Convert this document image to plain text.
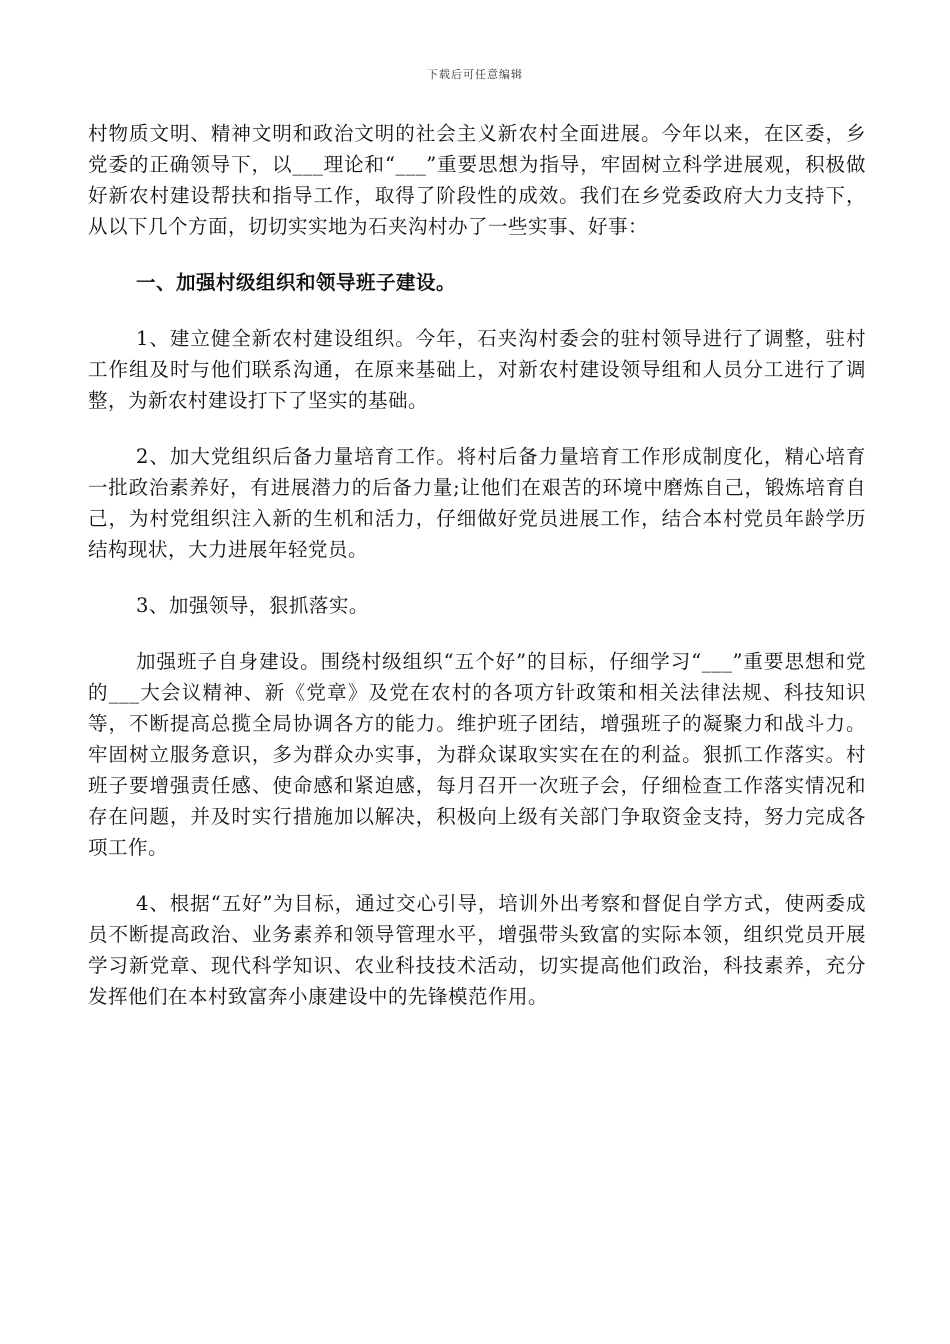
下载后可任意编辑

村物质文明、精神文明和政治文明的社会主义新农村全面进展。今年以来，在区委，乡党委的正确领导下，以___理论和“___”重要思想为指导，牢固树立科学进展观，积极做好新农村建设帮扶和指导工作，取得了阶段性的成效。我们在乡党委政府大力支持下，从以下几个方面，切切实实地为石夹沟村办了一些实事、好事：

一、加强村级组织和领导班子建设。

1、建立健全新农村建设组织。今年，石夹沟村委会的驻村领导进行了调整，驻村工作组及时与他们联系沟通，在原来基础上，对新农村建设领导组和人员分工进行了调整，为新农村建设打下了坚实的基础。

2、加大党组织后备力量培育工作。将村后备力量培育工作形成制度化，精心培育一批政治素养好，有进展潜力的后备力量;让他们在艰苦的环境中磨炼自己，锻炼培育自己，为村党组织注入新的生机和活力，仔细做好党员进展工作，结合本村党员年龄学历结构现状，大力进展年轻党员。

3、加强领导，狠抓落实。

加强班子自身建设。围绕村级组织“五个好”的目标，仔细学习“___”重要思想和党的___大会议精神、新《党章》及党在农村的各项方针政策和相关法律法规、科技知识等，不断提高总揽全局协调各方的能力。维护班子团结，增强班子的凝聚力和战斗力。牢固树立服务意识，多为群众办实事，为群众谋取实实在在的利益。狠抓工作落实。村班子要增强责任感、使命感和紧迫感，每月召开一次班子会，仔细检查工作落实情况和存在问题，并及时实行措施加以解决，积极向上级有关部门争取资金支持，努力完成各项工作。

4、根据“五好”为目标，通过交心引导，培训外出考察和督促自学方式，使两委成员不断提高政治、业务素养和领导管理水平，增强带头致富的实际本领，组织党员开展学习新党章、现代科学知识、农业科技技术活动，切实提高他们政治，科技素养，充分发挥他们在本村致富奔小康建设中的先锋模范作用。
